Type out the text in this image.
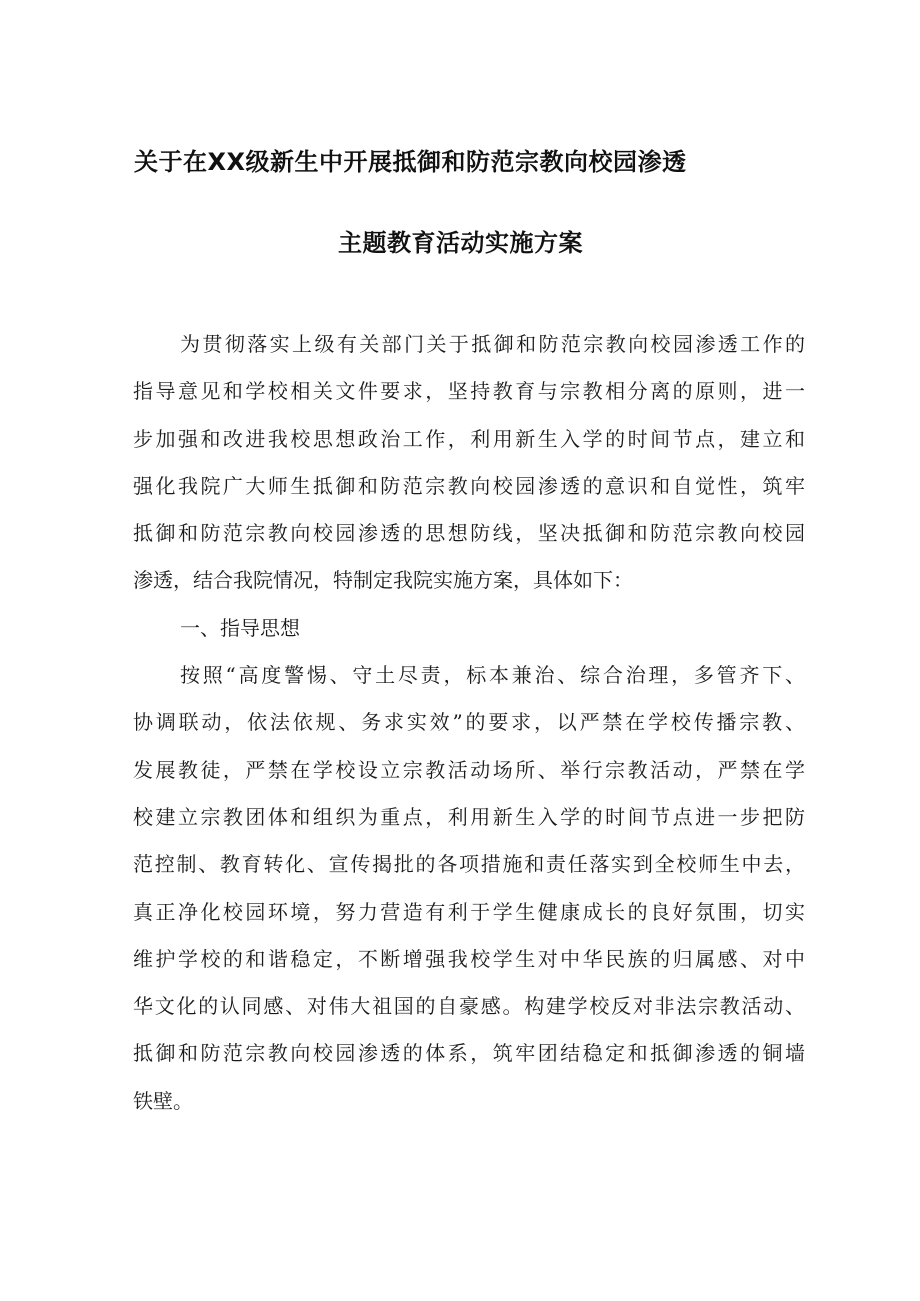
关于在XX级新生中开展抵御和防范宗教向校园渗透
主题教育活动实施方案
为贯彻落实上级有关部门关于抵御和防范宗教向校园渗透工作的
指导意见和学校相关文件要求，坚持教育与宗教相分离的原则，进一
步加强和改进我校思想政治工作，利用新生入学的时间节点，建立和
强化我院广大师生抵御和防范宗教向校园渗透的意识和自觉性，筑牢
抵御和防范宗教向校园渗透的思想防线，坚决抵御和防范宗教向校园
渗透，结合我院情况，特制定我院实施方案，具体如下：
一、指导思想
按照“高度警惕、守土尽责，标本兼治、综合治理，多管齐下、
协调联动，依法依规、务求实效”的要求，以严禁在学校传播宗教、
发展教徒，严禁在学校设立宗教活动场所、举行宗教活动，严禁在学
校建立宗教团体和组织为重点，利用新生入学的时间节点进一步把防
范控制、教育转化、宣传揭批的各项措施和责任落实到全校师生中去，
真正净化校园环境，努力营造有利于学生健康成长的良好氛围，切实
维护学校的和谐稳定，不断增强我校学生对中华民族的归属感、对中
华文化的认同感、对伟大祖国的自豪感。构建学校反对非法宗教活动、
抵御和防范宗教向校园渗透的体系，筑牢团结稳定和抵御渗透的铜墙
铁壁。
